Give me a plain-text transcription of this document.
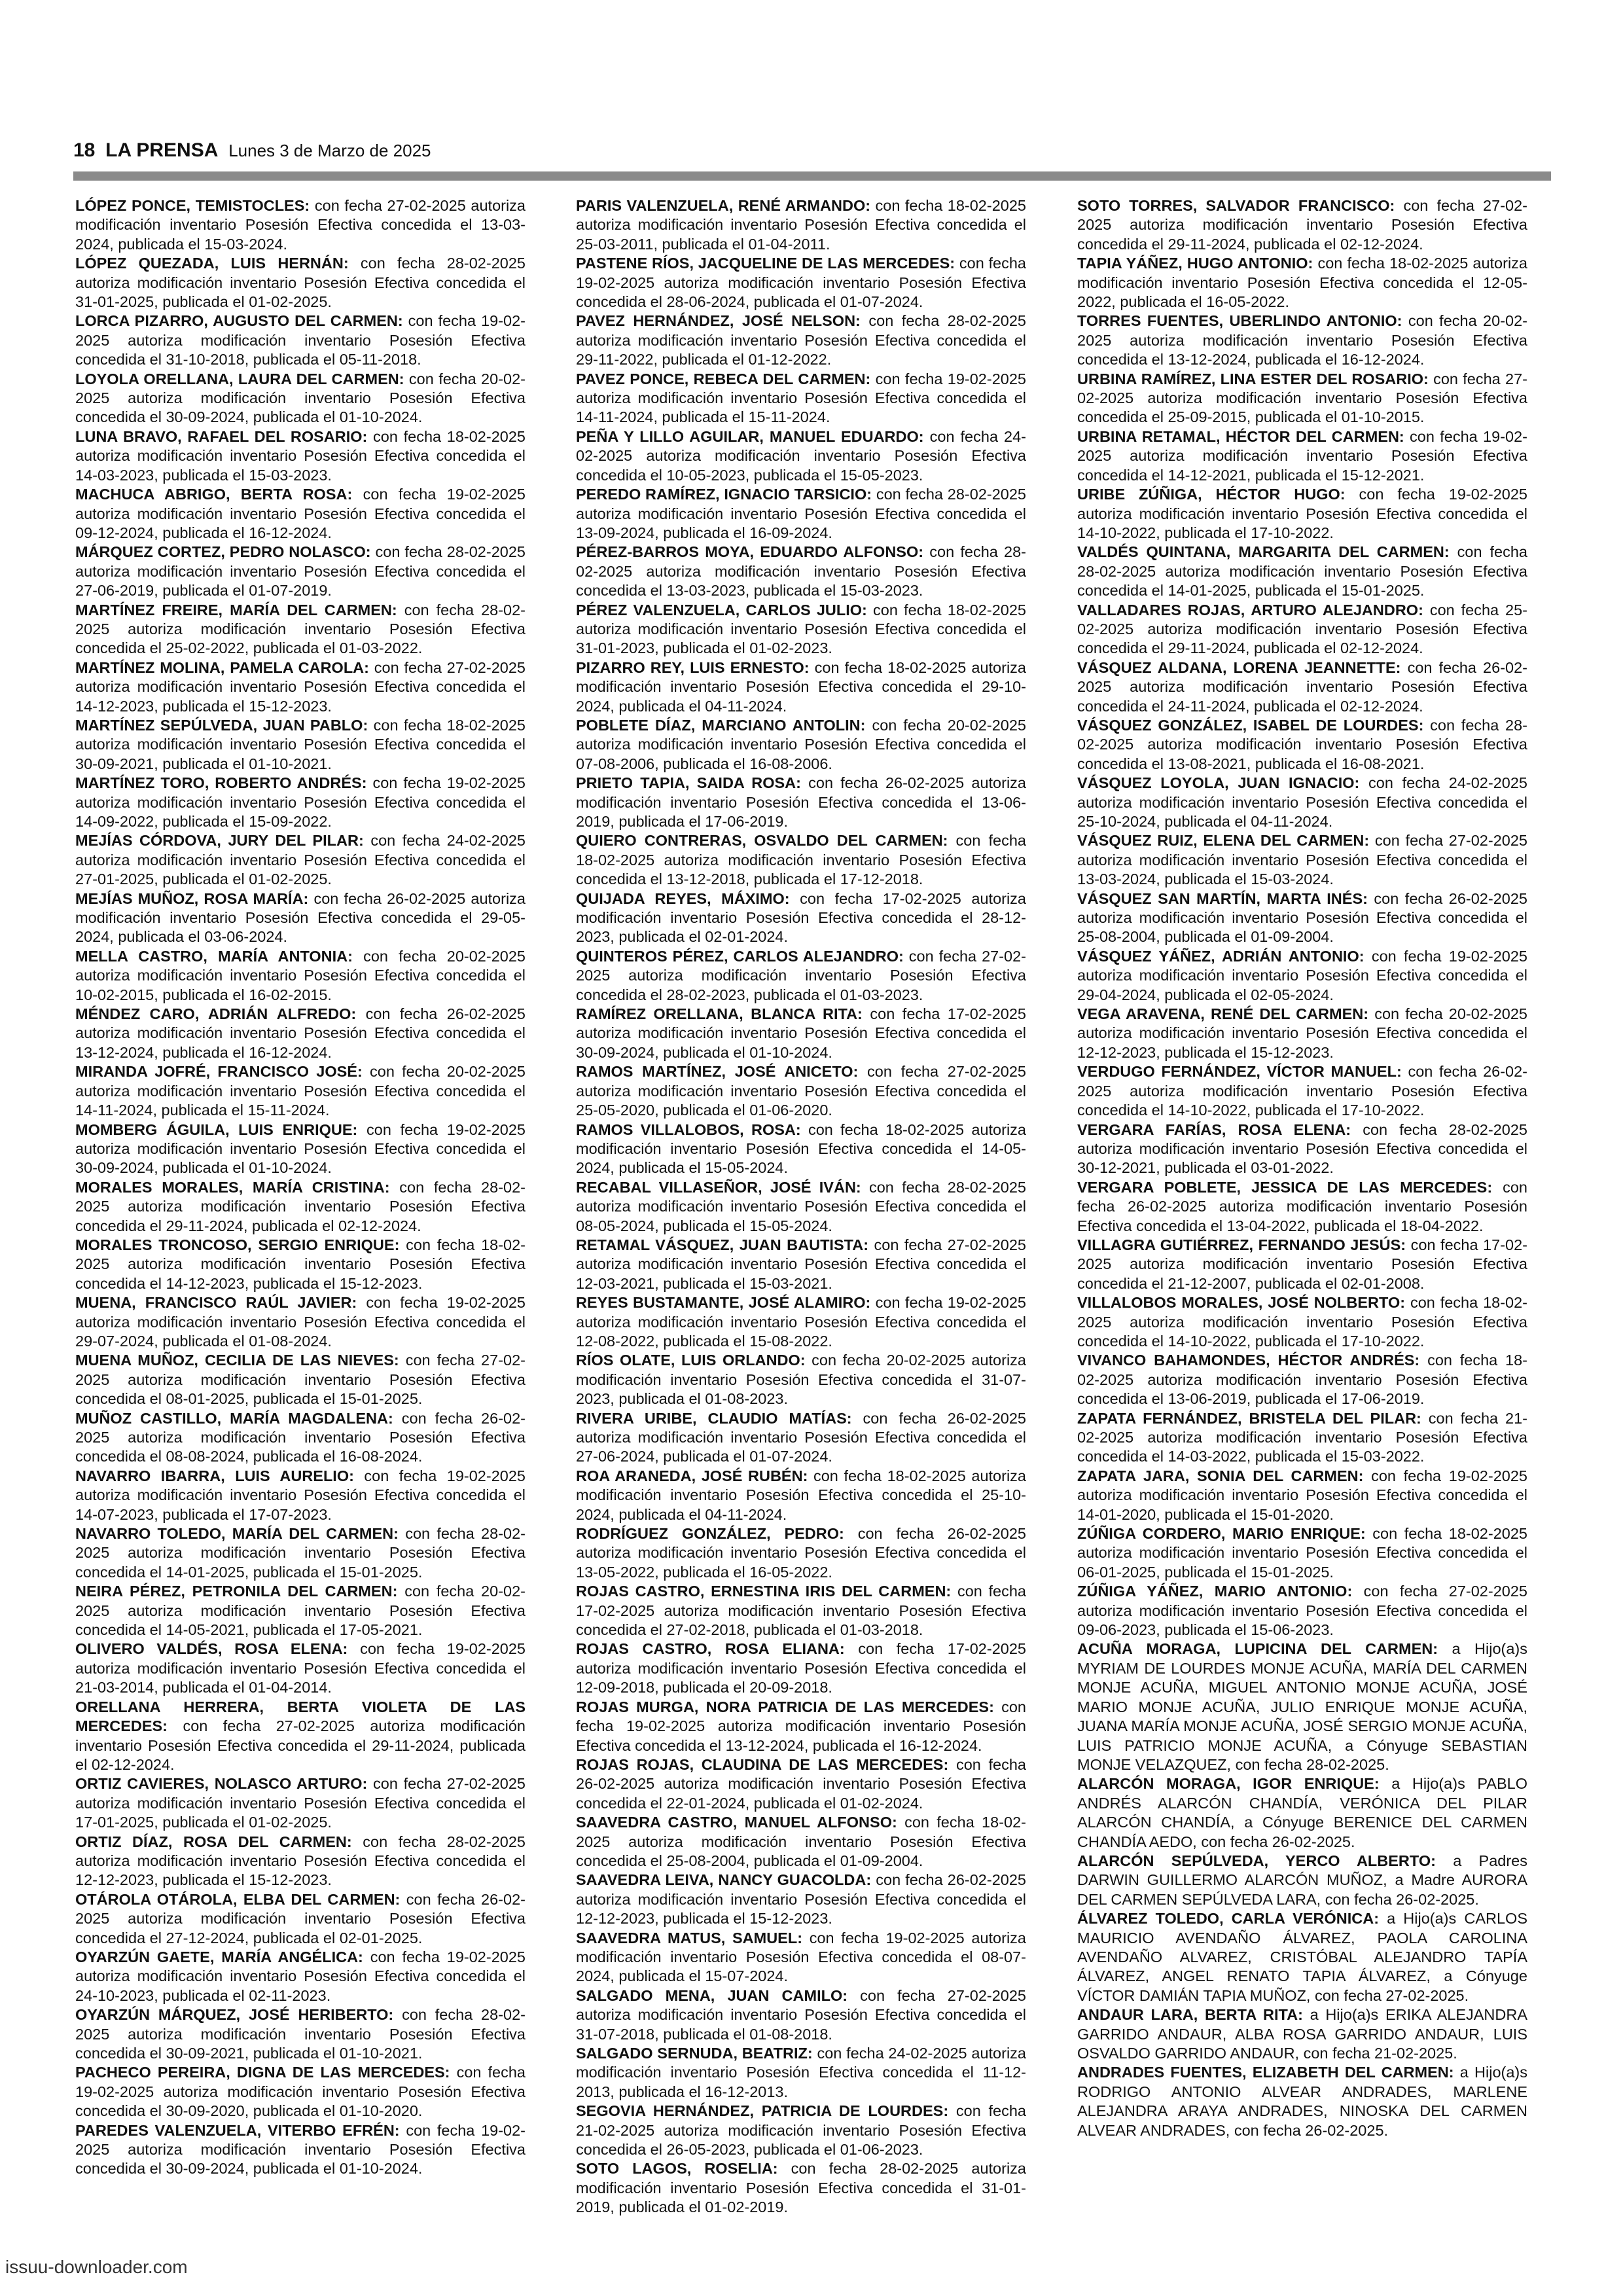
18 LA PRENSA Lunes 3 de Marzo de 2025

LÓPEZ PONCE, TEMISTOCLES: con fecha 27-02-2025 autoriza modificación inventario Posesión Efectiva concedida el 13-03-2024, publicada el 15-03-2024.

LÓPEZ QUEZADA, LUIS HERNÁN: con fecha 28-02-2025 autoriza modificación inventario Posesión Efectiva concedida el 31-01-2025, publicada el 01-02-2025.

LORCA PIZARRO, AUGUSTO DEL CARMEN: con fecha 19-02-2025 autoriza modificación inventario Posesión Efectiva concedida el 31-10-2018, publicada el 05-11-2018.

LOYOLA ORELLANA, LAURA DEL CARMEN: con fecha 20-02-2025 autoriza modificación inventario Posesión Efectiva concedida el 30-09-2024, publicada el 01-10-2024.

LUNA BRAVO, RAFAEL DEL ROSARIO: con fecha 18-02-2025 autoriza modificación inventario Posesión Efectiva concedida el 14-03-2023, publicada el 15-03-2023.

MACHUCA ABRIGO, BERTA ROSA: con fecha 19-02-2025 autoriza modificación inventario Posesión Efectiva concedida el 09-12-2024, publicada el 16-12-2024.

MÁRQUEZ CORTEZ, PEDRO NOLASCO: con fecha 28-02-2025 autoriza modificación inventario Posesión Efectiva concedida el 27-06-2019, publicada el 01-07-2019.

MARTÍNEZ FREIRE, MARÍA DEL CARMEN: con fecha 28-02-2025 autoriza modificación inventario Posesión Efectiva concedida el 25-02-2022, publicada el 01-03-2022.

MARTÍNEZ MOLINA, PAMELA CAROLA: con fecha 27-02-2025 autoriza modificación inventario Posesión Efectiva concedida el 14-12-2023, publicada el 15-12-2023.

MARTÍNEZ SEPÚLVEDA, JUAN PABLO: con fecha 18-02-2025 autoriza modificación inventario Posesión Efectiva concedida el 30-09-2021, publicada el 01-10-2021.

MARTÍNEZ TORO, ROBERTO ANDRÉS: con fecha 19-02-2025 autoriza modificación inventario Posesión Efectiva concedida el 14-09-2022, publicada el 15-09-2022.

MEJÍAS CÓRDOVA, JURY DEL PILAR: con fecha 24-02-2025 autoriza modificación inventario Posesión Efectiva concedida el 27-01-2025, publicada el 01-02-2025.

MEJÍAS MUÑOZ, ROSA MARÍA: con fecha 26-02-2025 autoriza modificación inventario Posesión Efectiva concedida el 29-05-2024, publicada el 03-06-2024.

MELLA CASTRO, MARÍA ANTONIA: con fecha 20-02-2025 autoriza modificación inventario Posesión Efectiva concedida el 10-02-2015, publicada el 16-02-2015.

MÉNDEZ CARO, ADRIÁN ALFREDO: con fecha 26-02-2025 autoriza modificación inventario Posesión Efectiva concedida el 13-12-2024, publicada el 16-12-2024.

MIRANDA JOFRÉ, FRANCISCO JOSÉ: con fecha 20-02-2025 autoriza modificación inventario Posesión Efectiva concedida el 14-11-2024, publicada el 15-11-2024.

MOMBERG ÁGUILA, LUIS ENRIQUE: con fecha 19-02-2025 autoriza modificación inventario Posesión Efectiva concedida el 30-09-2024, publicada el 01-10-2024.

MORALES MORALES, MARÍA CRISTINA: con fecha 28-02-2025 autoriza modificación inventario Posesión Efectiva concedida el 29-11-2024, publicada el 02-12-2024.

MORALES TRONCOSO, SERGIO ENRIQUE: con fecha 18-02-2025 autoriza modificación inventario Posesión Efectiva concedida el 14-12-2023, publicada el 15-12-2023.

MUENA, FRANCISCO RAÚL JAVIER: con fecha 19-02-2025 autoriza modificación inventario Posesión Efectiva concedida el 29-07-2024, publicada el 01-08-2024.

MUENA MUÑOZ, CECILIA DE LAS NIEVES: con fecha 27-02-2025 autoriza modificación inventario Posesión Efectiva concedida el 08-01-2025, publicada el 15-01-2025.

MUÑOZ CASTILLO, MARÍA MAGDALENA: con fecha 26-02-2025 autoriza modificación inventario Posesión Efectiva concedida el 08-08-2024, publicada el 16-08-2024.

NAVARRO IBARRA, LUIS AURELIO: con fecha 19-02-2025 autoriza modificación inventario Posesión Efectiva concedida el 14-07-2023, publicada el 17-07-2023.

NAVARRO TOLEDO, MARÍA DEL CARMEN: con fecha 28-02-2025 autoriza modificación inventario Posesión Efectiva concedida el 14-01-2025, publicada el 15-01-2025.

NEIRA PÉREZ, PETRONILA DEL CARMEN: con fecha 20-02-2025 autoriza modificación inventario Posesión Efectiva concedida el 14-05-2021, publicada el 17-05-2021.

OLIVERO VALDÉS, ROSA ELENA: con fecha 19-02-2025 autoriza modificación inventario Posesión Efectiva concedida el 21-03-2014, publicada el 01-04-2014.

ORELLANA HERRERA, BERTA VIOLETA DE LAS MERCEDES: con fecha 27-02-2025 autoriza modificación inventario Posesión Efectiva concedida el 29-11-2024, publicada el 02-12-2024.

ORTIZ CAVIERES, NOLASCO ARTURO: con fecha 27-02-2025 autoriza modificación inventario Posesión Efectiva concedida el 17-01-2025, publicada el 01-02-2025.

ORTIZ DÍAZ, ROSA DEL CARMEN: con fecha 28-02-2025 autoriza modificación inventario Posesión Efectiva concedida el 12-12-2023, publicada el 15-12-2023.

OTÁROLA OTÁROLA, ELBA DEL CARMEN: con fecha 26-02-2025 autoriza modificación inventario Posesión Efectiva concedida el 27-12-2024, publicada el 02-01-2025.

OYARZÚN GAETE, MARÍA ANGÉLICA: con fecha 19-02-2025 autoriza modificación inventario Posesión Efectiva concedida el 24-10-2023, publicada el 02-11-2023.

OYARZÚN MÁRQUEZ, JOSÉ HERIBERTO: con fecha 28-02-2025 autoriza modificación inventario Posesión Efectiva concedida el 30-09-2021, publicada el 01-10-2021.

PACHECO PEREIRA, DIGNA DE LAS MERCEDES: con fecha 19-02-2025 autoriza modificación inventario Posesión Efectiva concedida el 30-09-2020, publicada el 01-10-2020.

PAREDES VALENZUELA, VITERBO EFRÉN: con fecha 19-02-2025 autoriza modificación inventario Posesión Efectiva concedida el 30-09-2024, publicada el 01-10-2024.

PARIS VALENZUELA, RENÉ ARMANDO: con fecha 18-02-2025 autoriza modificación inventario Posesión Efectiva concedida el 25-03-2011, publicada el 01-04-2011.

PASTENE RÍOS, JACQUELINE DE LAS MERCEDES: con fecha 19-02-2025 autoriza modificación inventario Posesión Efectiva concedida el 28-06-2024, publicada el 01-07-2024.

PAVEZ HERNÁNDEZ, JOSÉ NELSON: con fecha 28-02-2025 autoriza modificación inventario Posesión Efectiva concedida el 29-11-2022, publicada el 01-12-2022.

PAVEZ PONCE, REBECA DEL CARMEN: con fecha 19-02-2025 autoriza modificación inventario Posesión Efectiva concedida el 14-11-2024, publicada el 15-11-2024.

PEÑA Y LILLO AGUILAR, MANUEL EDUARDO: con fecha 24-02-2025 autoriza modificación inventario Posesión Efectiva concedida el 10-05-2023, publicada el 15-05-2023.

PEREDO RAMÍREZ, IGNACIO TARSICIO: con fecha 28-02-2025 autoriza modificación inventario Posesión Efectiva concedida el 13-09-2024, publicada el 16-09-2024.

PÉREZ-BARROS MOYA, EDUARDO ALFONSO: con fecha 28-02-2025 autoriza modificación inventario Posesión Efectiva concedida el 13-03-2023, publicada el 15-03-2023.

PÉREZ VALENZUELA, CARLOS JULIO: con fecha 18-02-2025 autoriza modificación inventario Posesión Efectiva concedida el 31-01-2023, publicada el 01-02-2023.

PIZARRO REY, LUIS ERNESTO: con fecha 18-02-2025 autoriza modificación inventario Posesión Efectiva concedida el 29-10-2024, publicada el 04-11-2024.

POBLETE DÍAZ, MARCIANO ANTOLIN: con fecha 20-02-2025 autoriza modificación inventario Posesión Efectiva concedida el 07-08-2006, publicada el 16-08-2006.

PRIETO TAPIA, SAIDA ROSA: con fecha 26-02-2025 autoriza modificación inventario Posesión Efectiva concedida el 13-06-2019, publicada el 17-06-2019.

QUIERO CONTRERAS, OSVALDO DEL CARMEN: con fecha 18-02-2025 autoriza modificación inventario Posesión Efectiva concedida el 13-12-2018, publicada el 17-12-2018.

QUIJADA REYES, MÁXIMO: con fecha 17-02-2025 autoriza modificación inventario Posesión Efectiva concedida el 28-12-2023, publicada el 02-01-2024.

QUINTEROS PÉREZ, CARLOS ALEJANDRO: con fecha 27-02-2025 autoriza modificación inventario Posesión Efectiva concedida el 28-02-2023, publicada el 01-03-2023.

RAMÍREZ ORELLANA, BLANCA RITA: con fecha 17-02-2025 autoriza modificación inventario Posesión Efectiva concedida el 30-09-2024, publicada el 01-10-2024.

RAMOS MARTÍNEZ, JOSÉ ANICETO: con fecha 27-02-2025 autoriza modificación inventario Posesión Efectiva concedida el 25-05-2020, publicada el 01-06-2020.

RAMOS VILLALOBOS, ROSA: con fecha 18-02-2025 autoriza modificación inventario Posesión Efectiva concedida el 14-05-2024, publicada el 15-05-2024.

RECABAL VILLASEÑOR, JOSÉ IVÁN: con fecha 28-02-2025 autoriza modificación inventario Posesión Efectiva concedida el 08-05-2024, publicada el 15-05-2024.

RETAMAL VÁSQUEZ, JUAN BAUTISTA: con fecha 27-02-2025 autoriza modificación inventario Posesión Efectiva concedida el 12-03-2021, publicada el 15-03-2021.

REYES BUSTAMANTE, JOSÉ ALAMIRO: con fecha 19-02-2025 autoriza modificación inventario Posesión Efectiva concedida el 12-08-2022, publicada el 15-08-2022.

RÍOS OLATE, LUIS ORLANDO: con fecha 20-02-2025 autoriza modificación inventario Posesión Efectiva concedida el 31-07-2023, publicada el 01-08-2023.

RIVERA URIBE, CLAUDIO MATÍAS: con fecha 26-02-2025 autoriza modificación inventario Posesión Efectiva concedida el 27-06-2024, publicada el 01-07-2024.

ROA ARANEDA, JOSÉ RUBÉN: con fecha 18-02-2025 autoriza modificación inventario Posesión Efectiva concedida el 25-10-2024, publicada el 04-11-2024.

RODRÍGUEZ GONZÁLEZ, PEDRO: con fecha 26-02-2025 autoriza modificación inventario Posesión Efectiva concedida el 13-05-2022, publicada el 16-05-2022.

ROJAS CASTRO, ERNESTINA IRIS DEL CARMEN: con fecha 17-02-2025 autoriza modificación inventario Posesión Efectiva concedida el 27-02-2018, publicada el 01-03-2018.

ROJAS CASTRO, ROSA ELIANA: con fecha 17-02-2025 autoriza modificación inventario Posesión Efectiva concedida el 12-09-2018, publicada el 20-09-2018.

ROJAS MURGA, NORA PATRICIA DE LAS MERCEDES: con fecha 19-02-2025 autoriza modificación inventario Posesión Efectiva concedida el 13-12-2024, publicada el 16-12-2024.

ROJAS ROJAS, CLAUDINA DE LAS MERCEDES: con fecha 26-02-2025 autoriza modificación inventario Posesión Efectiva concedida el 22-01-2024, publicada el 01-02-2024.

SAAVEDRA CASTRO, MANUEL ALFONSO: con fecha 18-02-2025 autoriza modificación inventario Posesión Efectiva concedida el 25-08-2004, publicada el 01-09-2004.

SAAVEDRA LEIVA, NANCY GUACOLDA: con fecha 26-02-2025 autoriza modificación inventario Posesión Efectiva concedida el 12-12-2023, publicada el 15-12-2023.

SAAVEDRA MATUS, SAMUEL: con fecha 19-02-2025 autoriza modificación inventario Posesión Efectiva concedida el 08-07-2024, publicada el 15-07-2024.

SALGADO MENA, JUAN CAMILO: con fecha 27-02-2025 autoriza modificación inventario Posesión Efectiva concedida el 31-07-2018, publicada el 01-08-2018.

SALGADO SERNUDA, BEATRIZ: con fecha 24-02-2025 autoriza modificación inventario Posesión Efectiva concedida el 11-12-2013, publicada el 16-12-2013.

SEGOVIA HERNÁNDEZ, PATRICIA DE LOURDES: con fecha 21-02-2025 autoriza modificación inventario Posesión Efectiva concedida el 26-05-2023, publicada el 01-06-2023.

SOTO LAGOS, ROSELIA: con fecha 28-02-2025 autoriza modificación inventario Posesión Efectiva concedida el 31-01-2019, publicada el 01-02-2019.

SOTO TORRES, SALVADOR FRANCISCO: con fecha 27-02-2025 autoriza modificación inventario Posesión Efectiva concedida el 29-11-2024, publicada el 02-12-2024.

TAPIA YÁÑEZ, HUGO ANTONIO: con fecha 18-02-2025 autoriza modificación inventario Posesión Efectiva concedida el 12-05-2022, publicada el 16-05-2022.

TORRES FUENTES, UBERLINDO ANTONIO: con fecha 20-02-2025 autoriza modificación inventario Posesión Efectiva concedida el 13-12-2024, publicada el 16-12-2024.

URBINA RAMÍREZ, LINA ESTER DEL ROSARIO: con fecha 27-02-2025 autoriza modificación inventario Posesión Efectiva concedida el 25-09-2015, publicada el 01-10-2015.

URBINA RETAMAL, HÉCTOR DEL CARMEN: con fecha 19-02-2025 autoriza modificación inventario Posesión Efectiva concedida el 14-12-2021, publicada el 15-12-2021.

URIBE ZÚÑIGA, HÉCTOR HUGO: con fecha 19-02-2025 autoriza modificación inventario Posesión Efectiva concedida el 14-10-2022, publicada el 17-10-2022.

VALDÉS QUINTANA, MARGARITA DEL CARMEN: con fecha 28-02-2025 autoriza modificación inventario Posesión Efectiva concedida el 14-01-2025, publicada el 15-01-2025.

VALLADARES ROJAS, ARTURO ALEJANDRO: con fecha 25-02-2025 autoriza modificación inventario Posesión Efectiva concedida el 29-11-2024, publicada el 02-12-2024.

VÁSQUEZ ALDANA, LORENA JEANNETTE: con fecha 26-02-2025 autoriza modificación inventario Posesión Efectiva concedida el 24-11-2024, publicada el 02-12-2024.

VÁSQUEZ GONZÁLEZ, ISABEL DE LOURDES: con fecha 28-02-2025 autoriza modificación inventario Posesión Efectiva concedida el 13-08-2021, publicada el 16-08-2021.

VÁSQUEZ LOYOLA, JUAN IGNACIO: con fecha 24-02-2025 autoriza modificación inventario Posesión Efectiva concedida el 25-10-2024, publicada el 04-11-2024.

VÁSQUEZ RUIZ, ELENA DEL CARMEN: con fecha 27-02-2025 autoriza modificación inventario Posesión Efectiva concedida el 13-03-2024, publicada el 15-03-2024.

VÁSQUEZ SAN MARTÍN, MARTA INÉS: con fecha 26-02-2025 autoriza modificación inventario Posesión Efectiva concedida el 25-08-2004, publicada el 01-09-2004.

VÁSQUEZ YÁÑEZ, ADRIÁN ANTONIO: con fecha 19-02-2025 autoriza modificación inventario Posesión Efectiva concedida el 29-04-2024, publicada el 02-05-2024.

VEGA ARAVENA, RENÉ DEL CARMEN: con fecha 20-02-2025 autoriza modificación inventario Posesión Efectiva concedida el 12-12-2023, publicada el 15-12-2023.

VERDUGO FERNÁNDEZ, VÍCTOR MANUEL: con fecha 26-02-2025 autoriza modificación inventario Posesión Efectiva concedida el 14-10-2022, publicada el 17-10-2022.

VERGARA FARÍAS, ROSA ELENA: con fecha 28-02-2025 autoriza modificación inventario Posesión Efectiva concedida el 30-12-2021, publicada el 03-01-2022.

VERGARA POBLETE, JESSICA DE LAS MERCEDES: con fecha 26-02-2025 autoriza modificación inventario Posesión Efectiva concedida el 13-04-2022, publicada el 18-04-2022.

VILLAGRA GUTIÉRREZ, FERNANDO JESÚS: con fecha 17-02-2025 autoriza modificación inventario Posesión Efectiva concedida el 21-12-2007, publicada el 02-01-2008.

VILLALOBOS MORALES, JOSÉ NOLBERTO: con fecha 18-02-2025 autoriza modificación inventario Posesión Efectiva concedida el 14-10-2022, publicada el 17-10-2022.

VIVANCO BAHAMONDES, HÉCTOR ANDRÉS: con fecha 18-02-2025 autoriza modificación inventario Posesión Efectiva concedida el 13-06-2019, publicada el 17-06-2019.

ZAPATA FERNÁNDEZ, BRISTELA DEL PILAR: con fecha 21-02-2025 autoriza modificación inventario Posesión Efectiva concedida el 14-03-2022, publicada el 15-03-2022.

ZAPATA JARA, SONIA DEL CARMEN: con fecha 19-02-2025 autoriza modificación inventario Posesión Efectiva concedida el 14-01-2020, publicada el 15-01-2020.

ZÚÑIGA CORDERO, MARIO ENRIQUE: con fecha 18-02-2025 autoriza modificación inventario Posesión Efectiva concedida el 06-01-2025, publicada el 15-01-2025.

ZÚÑIGA YÁÑEZ, MARIO ANTONIO: con fecha 27-02-2025 autoriza modificación inventario Posesión Efectiva concedida el 09-06-2023, publicada el 15-06-2023.

ACUÑA MORAGA, LUPICINA DEL CARMEN: a Hijo(a)s MYRIAM DE LOURDES MONJE ACUÑA, MARÍA DEL CARMEN MONJE ACUÑA, MIGUEL ANTONIO MONJE ACUÑA, JOSÉ MARIO MONJE ACUÑA, JULIO ENRIQUE MONJE ACUÑA, JUANA MARÍA MONJE ACUÑA, JOSÉ SERGIO MONJE ACUÑA, LUIS PATRICIO MONJE ACUÑA, a Cónyuge SEBASTIAN MONJE VELAZQUEZ, con fecha 28-02-2025.

ALARCÓN MORAGA, IGOR ENRIQUE: a Hijo(a)s PABLO ANDRÉS ALARCÓN CHANDÍA, VERÓNICA DEL PILAR ALARCÓN CHANDÍA, a Cónyuge BERENICE DEL CARMEN CHANDÍA AEDO, con fecha 26-02-2025.

ALARCÓN SEPÚLVEDA, YERCO ALBERTO: a Padres DARWIN GUILLERMO ALARCÓN MUÑOZ, a Madre AURORA DEL CARMEN SEPÚLVEDA LARA, con fecha 26-02-2025.

ÁLVAREZ TOLEDO, CARLA VERÓNICA: a Hijo(a)s CARLOS MAURICIO AVENDAÑO ÁLVAREZ, PAOLA CAROLINA AVENDAÑO ALVAREZ, CRISTÓBAL ALEJANDRO TAPÍA ÁLVAREZ, ANGEL RENATO TAPIA ÁLVAREZ, a Cónyuge VÍCTOR DAMIÁN TAPIA MUÑOZ, con fecha 27-02-2025.

ANDAUR LARA, BERTA RITA: a Hijo(a)s ERIKA ALEJANDRA GARRIDO ANDAUR, ALBA ROSA GARRIDO ANDAUR, LUIS OSVALDO GARRIDO ANDAUR, con fecha 21-02-2025.

ANDRADES FUENTES, ELIZABETH DEL CARMEN: a Hijo(a)s RODRIGO ANTONIO ALVEAR ANDRADES, MARLENE ALEJANDRA ARAYA ANDRADES, NINOSKA DEL CARMEN ALVEAR ANDRADES, con fecha 26-02-2025.

issuu-downloader.com
